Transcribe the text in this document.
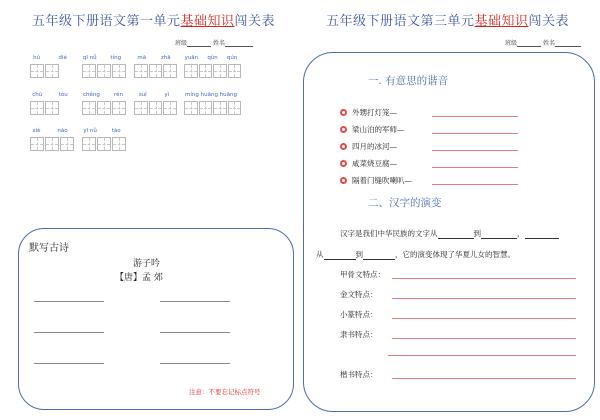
五年级下册语文第一单元基础知识闯关表
班级	姓名
hú	dié	qī nǚ	tíng	mā	zhā	yuān qún qún
chú	tóu	chéng	rén	suī	yì	míng huāng huāng
xiè	nào	yī nǜ	tào
默写古诗
游子吟
【唐】孟 郊
注意：不要忘记标点符号
五年级下册语文第三单元基础知识闯关表
班级	姓名
一. 有意思的谐音
外甥打灯笼—
梁山泊的军师—
四月的冰河—
咸菜烧豆腐—
隔着门缝吹喇叭—
二、汉字的演变
汉字是我们中华民族的文字从	到	，
从	到	，它的演变体现了华夏儿女的智慧。
甲骨文特点：
金文特点：
小篆特点：
隶书特点：
楷书特点：
